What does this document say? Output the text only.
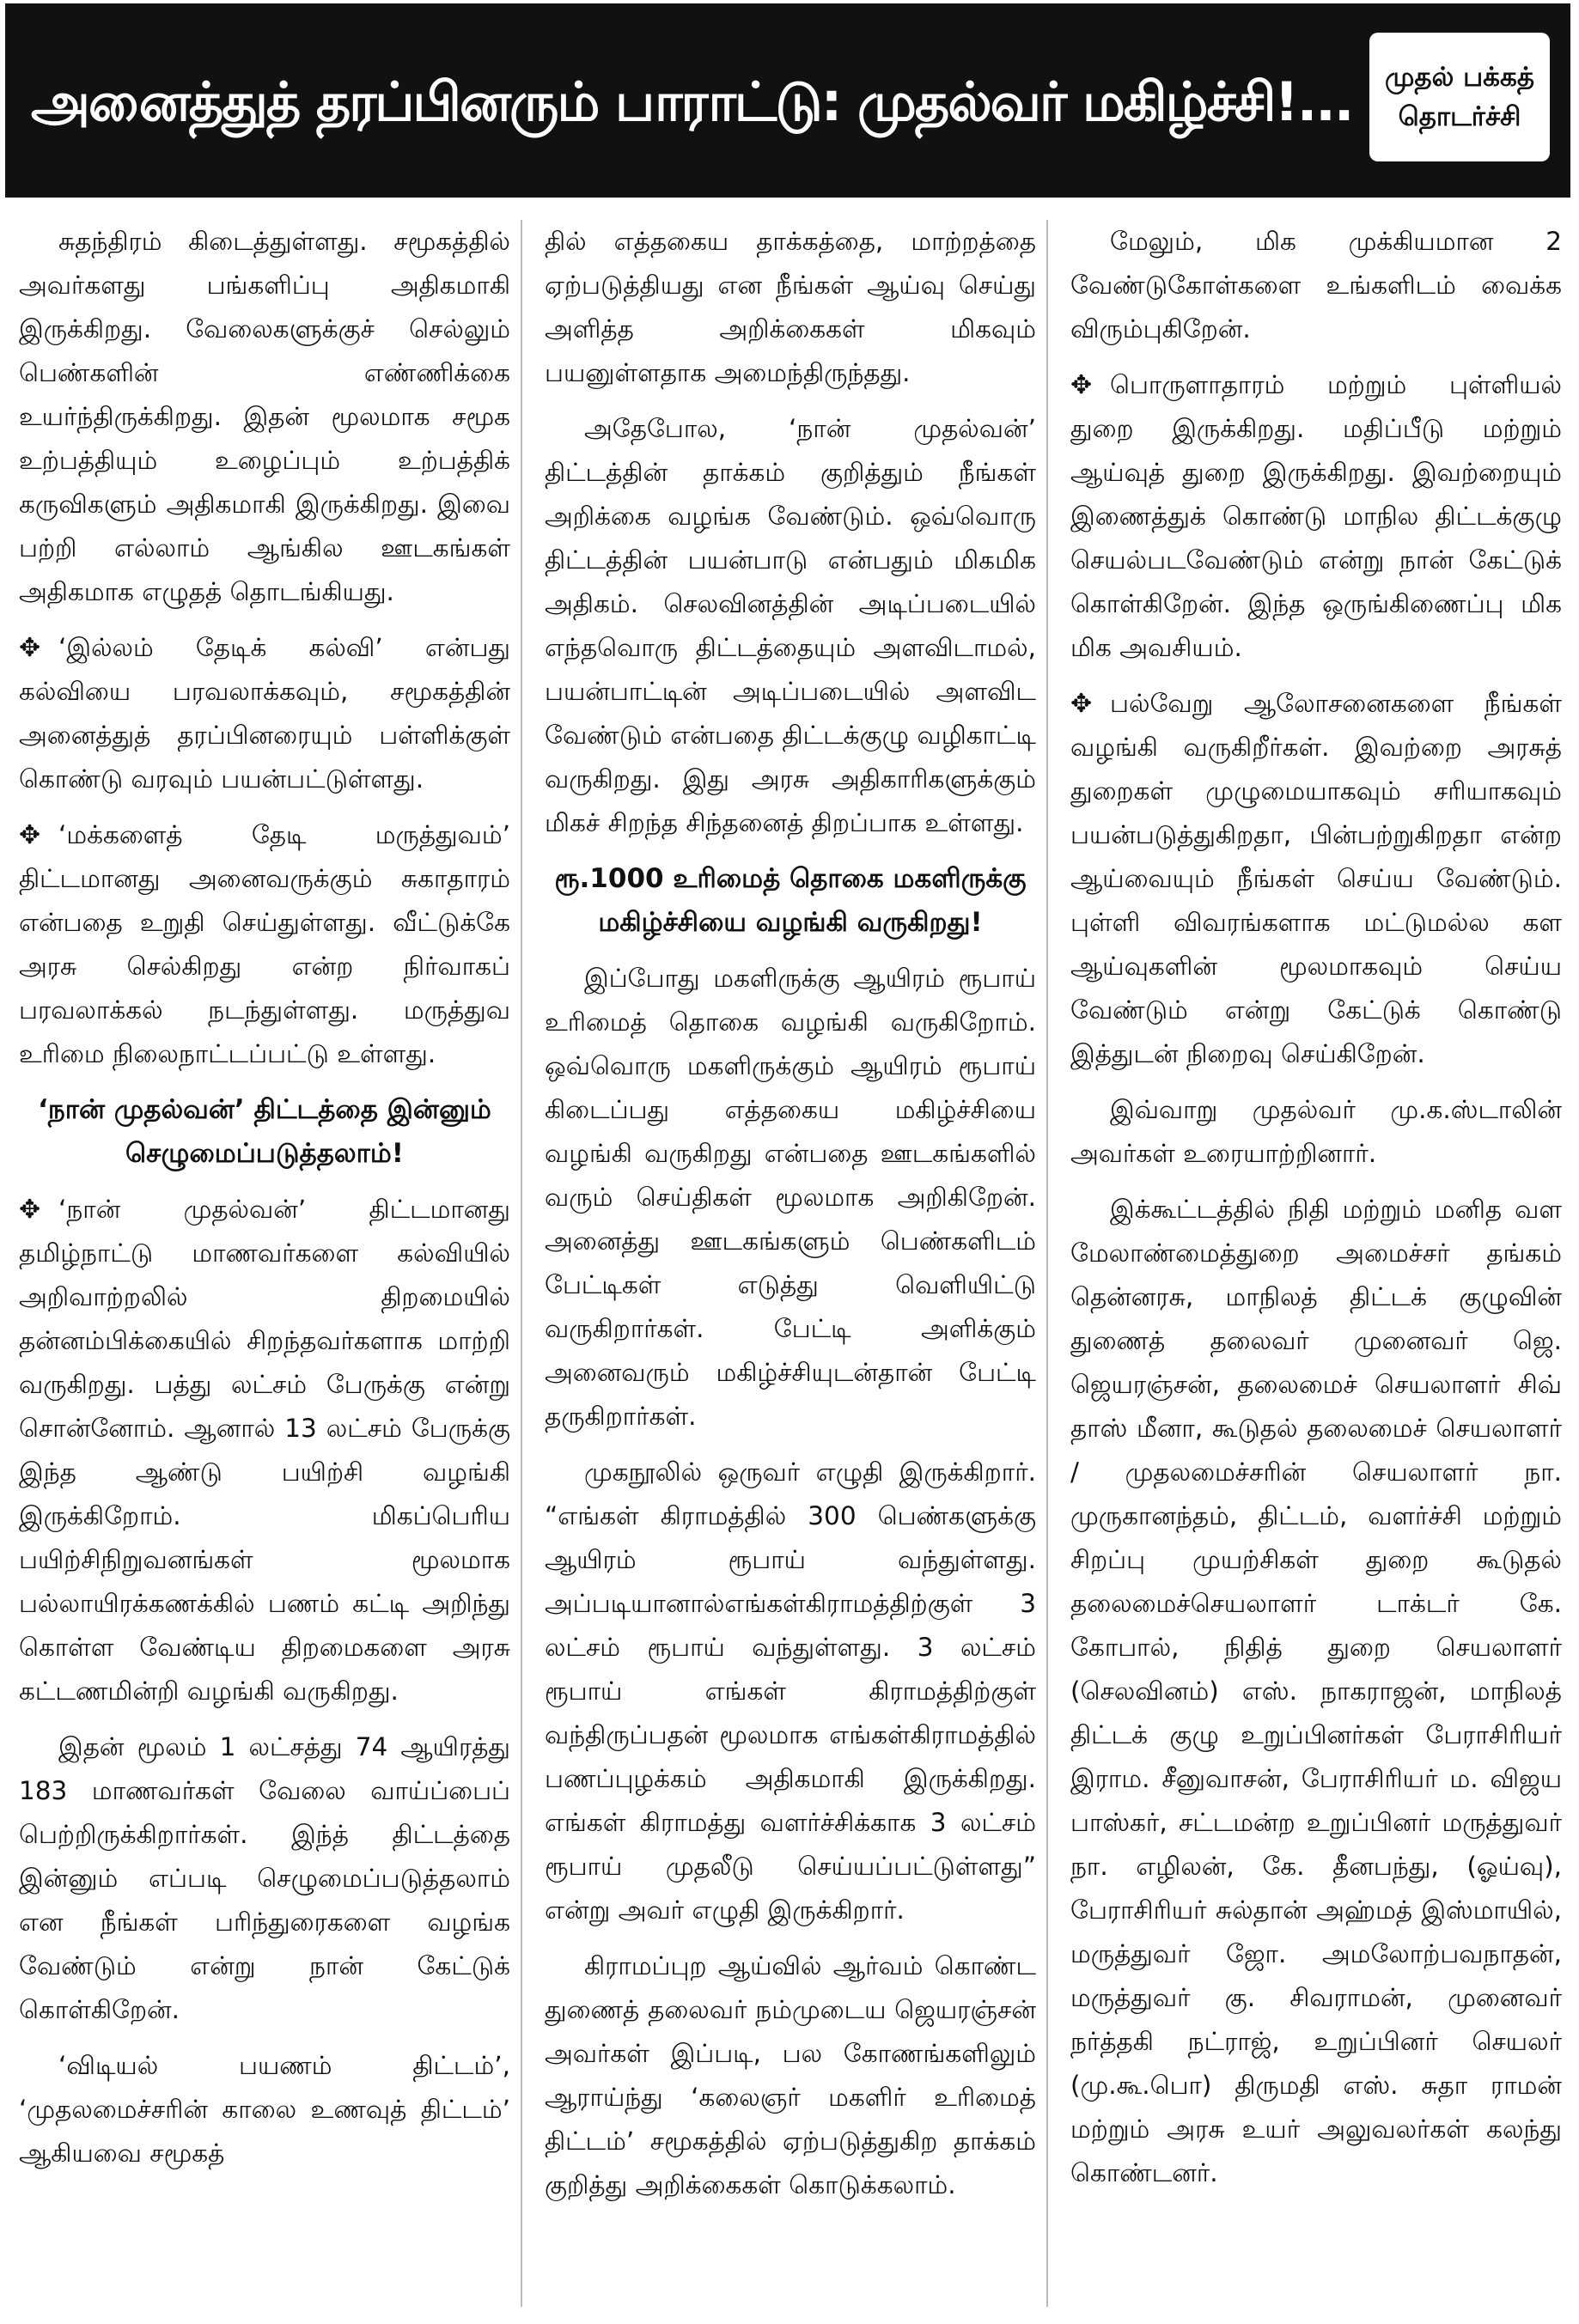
அனைத்துத் தரப்பினரும் பாராட்டு: முதல்வர் மகிழ்ச்சி!...	முதல் பக்கத்
தொடர்ச்சி

சுதந்திரம் கிடைத்துள்ளது. சமூகத்தில் அவர்களது பங்களிப்பு அதிகமாகி இருக்கிறது. வேலைகளுக்குச் செல்லும் பெண்களின் எண்ணிக்கை உயர்ந்திருக்கிறது. இதன் மூலமாக சமூக உற்பத்தியும் உழைப்பும் உற்பத்திக் கருவிகளும் அதிகமாகி இருக்கிறது. இவை பற்றி எல்லாம் ஆங்கில ஊடகங்கள் அதிகமாக எழுதத் தொடங்கியது.

✥ ‘இல்லம் தேடிக் கல்வி’ என்பது கல்வியை பரவலாக்கவும், சமூகத்தின் அனைத்துத் தரப்பினரையும் பள்ளிக்குள் கொண்டு வரவும் பயன்பட்டுள்ளது.

✥ ‘மக்களைத் தேடி மருத்துவம்’ திட்டமானது அனைவருக்கும் சுகாதாரம் என்பதை உறுதி செய்துள்ளது. வீட்டுக்கே அரசு செல்கிறது என்ற நிர்வாகப் பரவலாக்கல் நடந்துள்ளது. மருத்துவ உரிமை நிலைநாட்டப்பட்டு உள்ளது.

‘நான் முதல்வன்’ திட்டத்தை இன்னும் செழுமைப்படுத்தலாம்!

✥ ‘நான் முதல்வன்’ திட்டமானது தமிழ்நாட்டு மாணவர்களை கல்வியில் அறிவாற்றலில் திறமையில் தன்னம்பிக்கையில் சிறந்தவர்களாக மாற்றி வருகிறது. பத்து லட்சம் பேருக்கு என்று சொன்னோம். ஆனால் 13 லட்சம் பேருக்கு இந்த ஆண்டு பயிற்சி வழங்கி இருக்கிறோம். மிகப்பெரிய பயிற்சிநிறுவனங்கள் மூலமாக பல்லாயிரக்கணக்கில் பணம் கட்டி அறிந்து கொள்ள வேண்டிய திறமைகளை அரசு கட்டணமின்றி வழங்கி வருகிறது.

இதன் மூலம் 1 லட்சத்து 74 ஆயிரத்து 183 மாணவர்கள் வேலை வாய்ப்பைப் பெற்றிருக்கிறார்கள். இந்த் திட்டத்தை இன்னும் எப்படி செழுமைப்படுத்தலாம் என நீங்கள் பரிந்துரைகளை வழங்க வேண்டும் என்று நான் கேட்டுக் கொள்கிறேன்.

‘விடியல் பயணம் திட்டம்’, ‘முதலமைச்சரின் காலை உணவுத் திட்டம்’ ஆகியவை சமூகத்

தில் எத்தகைய தாக்கத்தை, மாற்றத்தை ஏற்படுத்தியது என நீங்கள் ஆய்வு செய்து அளித்த அறிக்கைகள் மிகவும் பயனுள்ளதாக அமைந்திருந்தது.

அதேபோல, ‘நான் முதல்வன்’ திட்டத்தின் தாக்கம் குறித்தும் நீங்கள் அறிக்கை வழங்க வேண்டும். ஒவ்வொரு திட்டத்தின் பயன்பாடு என்பதும் மிகமிக அதிகம். செலவினத்தின் அடிப்படையில் எந்தவொரு திட்டத்தையும் அளவிடாமல், பயன்பாட்டின் அடிப்படையில் அளவிட வேண்டும் என்பதை திட்டக்குழு வழிகாட்டி வருகிறது. இது அரசு அதிகாரிகளுக்கும் மிகச் சிறந்த சிந்தனைத் திறப்பாக உள்ளது.

ரூ.1000 உரிமைத் தொகை மகளிருக்கு மகிழ்ச்சியை வழங்கி வருகிறது!

இப்போது மகளிருக்கு ஆயிரம் ரூபாய் உரிமைத் தொகை வழங்கி வருகிறோம். ஒவ்வொரு மகளிருக்கும் ஆயிரம் ரூபாய் கிடைப்பது எத்தகைய மகிழ்ச்சியை வழங்கி வருகிறது என்பதை ஊடகங்களில் வரும் செய்திகள் மூலமாக அறிகிறேன். அனைத்து ஊடகங்களும் பெண்களிடம் பேட்டிகள் எடுத்து வெளியிட்டு வருகிறார்கள். பேட்டி அளிக்கும் அனைவரும் மகிழ்ச்சியுடன்தான் பேட்டி தருகிறார்கள்.

முகநூலில் ஒருவர் எழுதி இருக்கிறார். “எங்கள் கிராமத்தில் 300 பெண்களுக்கு ஆயிரம் ரூபாய் வந்துள்ளது. அப்படியானால்எங்கள்கிராமத்திற்குள் 3 லட்சம் ரூபாய் வந்துள்ளது. 3 லட்சம் ரூபாய் எங்கள் கிராமத்திற்குள் வந்திருப்பதன் மூலமாக எங்கள்கிராமத்தில் பணப்புழக்கம் அதிகமாகி இருக்கிறது. எங்கள் கிராமத்து வளர்ச்சிக்காக 3 லட்சம் ரூபாய் முதலீடு செய்யப்பட்டுள்ளது” என்று அவர் எழுதி இருக்கிறார்.

கிராமப்புற ஆய்வில் ஆர்வம் கொண்ட துணைத் தலைவர் நம்முடைய ஜெயரஞ்சன் அவர்கள் இப்படி, பல கோணங்களிலும் ஆராய்ந்து ‘கலைஞர் மகளிர் உரிமைத் திட்டம்’ சமூகத்தில் ஏற்படுத்துகிற தாக்கம் குறித்து அறிக்கைகள் கொடுக்கலாம்.

மேலும், மிக முக்கியமான 2 வேண்டுகோள்களை உங்களிடம் வைக்க விரும்புகிறேன்.

✥ பொருளாதாரம் மற்றும் புள்ளியல் துறை இருக்கிறது. மதிப்பீடு மற்றும் ஆய்வுத் துறை இருக்கிறது. இவற்றையும் இணைத்துக் கொண்டு மாநில திட்டக்குழு செயல்படவேண்டும் என்று நான் கேட்டுக் கொள்கிறேன். இந்த ஒருங்கிணைப்பு மிக மிக அவசியம்.

✥ பல்வேறு ஆலோசனைகளை நீங்கள் வழங்கி வருகிறீர்கள். இவற்றை அரசுத் துறைகள் முழுமையாகவும் சரியாகவும் பயன்படுத்துகிறதா, பின்பற்றுகிறதா என்ற ஆய்வையும் நீங்கள் செய்ய வேண்டும். புள்ளி விவரங்களாக மட்டுமல்ல கள ஆய்வுகளின் மூலமாகவும் செய்ய வேண்டும் என்று கேட்டுக் கொண்டு இத்துடன் நிறைவு செய்கிறேன்.

இவ்வாறு முதல்வர் மு.க.ஸ்டாலின் அவர்கள் உரையாற்றினார்.

இக்கூட்டத்தில் நிதி மற்றும் மனித வள மேலாண்மைத்துறை அமைச்சர் தங்கம் தென்னரசு, மாநிலத் திட்டக் குழுவின் துணைத் தலைவர் முனைவர் ஜெ. ஜெயரஞ்சன், தலைமைச் செயலாளர் சிவ் தாஸ் மீனா, கூடுதல் தலைமைச் செயலாளர் / முதலமைச்சரின் செயலாளர் நா. முருகானந்தம், திட்டம், வளர்ச்சி மற்றும் சிறப்பு முயற்சிகள் துறை கூடுதல் தலைமைச்செயலாளர் டாக்டர் கே. கோபால், நிதித் துறை செயலாளர் (செலவினம்) எஸ். நாகராஜன், மாநிலத் திட்டக் குழு உறுப்பினர்கள் பேராசிரியர் இராம. சீனுவாசன், பேராசிரியர் ம. விஜய பாஸ்கர், சட்டமன்ற உறுப்பினர் மருத்துவர் நா. எழிலன், கே. தீனபந்து, (ஓய்வு), பேராசிரியர் சுல்தான் அஹ்மத் இஸ்மாயில், மருத்துவர் ஜோ. அமலோற்பவநாதன், மருத்துவர் கு. சிவராமன், முனைவர் நர்த்தகி நட்ராஜ், உறுப்பினர் செயலர் (மு.கூ.பொ) திருமதி எஸ். சுதா ராமன் மற்றும் அரசு உயர் அலுவலர்கள் கலந்து கொண்டனர்.
